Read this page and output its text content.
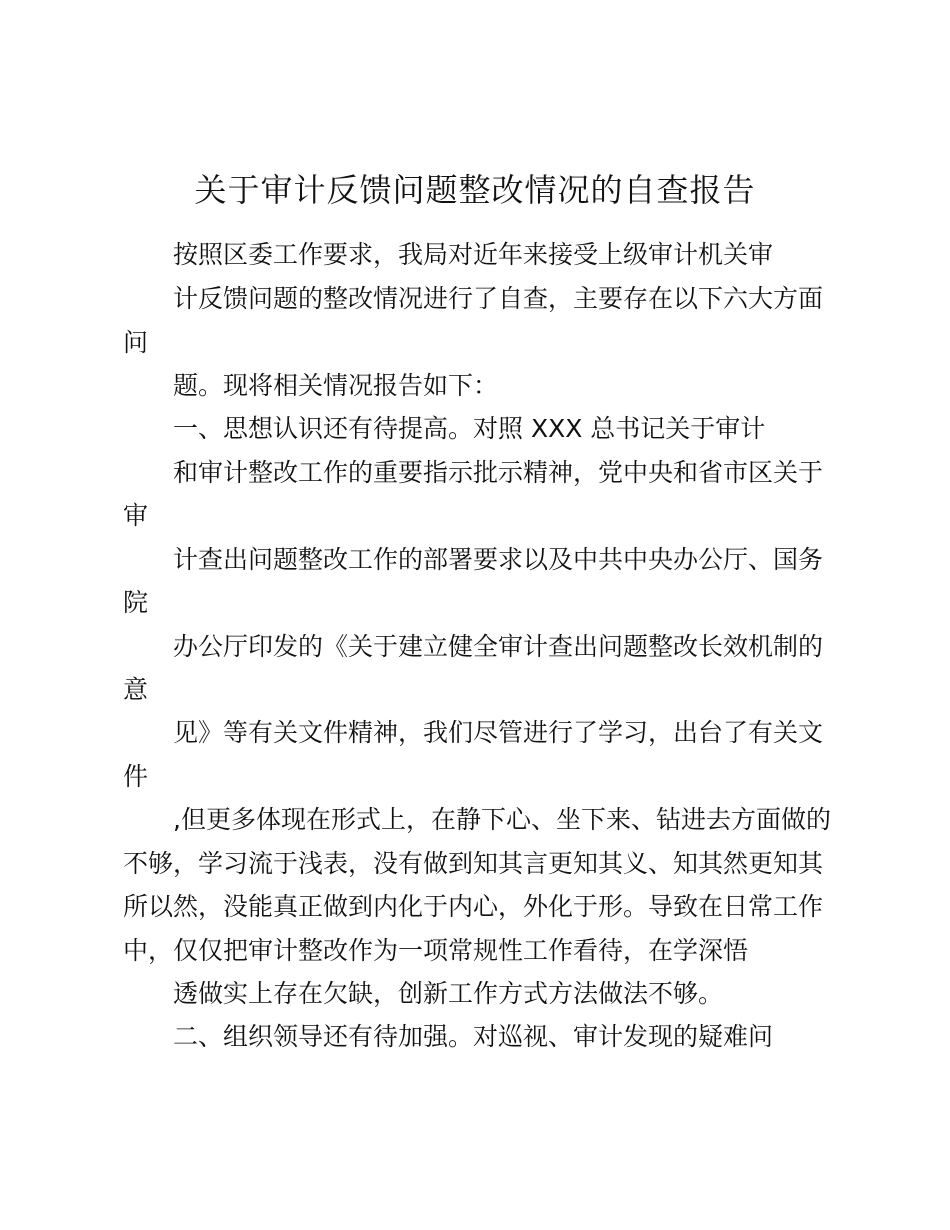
关于审计反馈问题整改情况的自查报告
按照区委工作要求，我局对近年来接受上级审计机关审
计反馈问题的整改情况进行了自查，主要存在以下六大方面
问
题。现将相关情况报告如下：
一、思想认识还有待提高。对照 XXX 总书记关于审计
和审计整改工作的重要指示批示精神，党中央和省市区关于
审
计查出问题整改工作的部署要求以及中共中央办公厅、国务
院
办公厅印发的《关于建立健全审计查出问题整改长效机制的
意
见》等有关文件精神，我们尽管进行了学习，出台了有关文
件
,但更多体现在形式上，在静下心、坐下来、钻进去方面做的
不够，学习流于浅表，没有做到知其言更知其义、知其然更知其
所以然，没能真正做到内化于内心，外化于形。导致在日常工作
中，仅仅把审计整改作为一项常规性工作看待，在学深悟
透做实上存在欠缺，创新工作方式方法做法不够。
二、组织领导还有待加强。对巡视、审计发现的疑难问
